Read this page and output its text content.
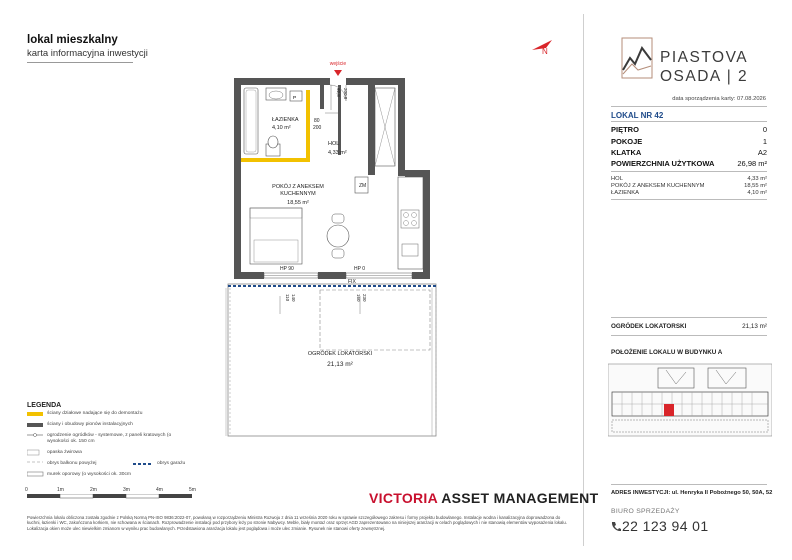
lokal mieszkalny
karta informacyjna inwestycji	N	PIASTOVA
OSADA | 2
data sporządzenia karty: 07.08.2026
LOKAL NR 42
PIĘTRO	0
POKOJE	1
KLATKA	A2
POWIERZCHNIA UŻYTKOWA	26,98 m²
HOL	4,33 m²
POKÓJ Z ANEKSEM KUCHENNYM	18,55 m²
ŁAZIENKA	4,10 m²
OGRÓDEK LOKATORSKI	21,13 m²
POŁOŻENIE LOKALU W BUDYNKU A
ADRES INWESTYCJI: ul. Henryka II Pobożnego 50, 50A, 52
BIURO SPRZEDAŻY
22 123 94 01
P
wejście
ŁAZIENKA
4,10 m²
80
200
HOL
4,33 m²
92,8 200,8
POKÓJ Z ANEKSEM KUCHENNYM
18,55 m²
ZM
HP 90	HP 0
FIX
110 140	160 230
OGRÓDEK LOKATORSKI
21,13 m²
LEGENDA
ściany działowe nadające się do demontażu
ściany i obudowy pionów instalacyjnych
ogrodzenie ogródków - systemowe, z paneli kratowych (o wysokości ok. 150 cm
opaska żwirowa
obrys balkonu powyżej	obrys garażu
murek oporowy (o wysokości ok. 30cm
0	1m	2m	3m	4m	5m	VICTORIA ASSET MANAGEMENT
Powierzchnia lokalu obliczona została zgodnie z Polską Normą PN-ISO 9836:2022-07, powołaną w rozporządzeniu Ministra Rozwoju z dnia 11 września 2020 roku w sprawie szczegółowego zakresu i formy projektu budowlanego. Instalacje wodna i kanalizacyjna doprowadzona do kuchni, łazienki i WC, zakończona korkiem, nie schowana w ścianach. Rozprowadzenie instalacji pod przybory leży po stronie Nabywcy. Meble, biały montaż oraz sprzęt AGD zaprezentowano na niniejszej aranżacji w celach poglądowych i nie stanowią elementów wyposażenia lokalu. Lokalizacja okien może ulec niewielkim zmianom w wyniku prac budowlanych. Przedstawiona aranżacja lokalu jest poglądowa i może ulec zmianie. Rysunek nie stanowi oferty zewnętrznej.
